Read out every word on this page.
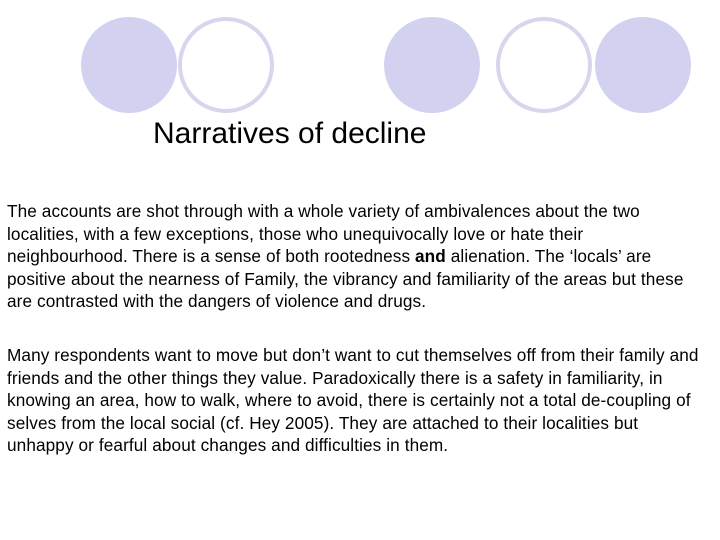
Narratives of decline

The accounts are shot through with a whole variety of ambivalences about the two localities, with a few exceptions, those who unequivocally love or hate their neighbourhood. There is a sense of both rootedness and alienation. The ‘locals’ are positive about the nearness of Family, the vibrancy and familiarity of the areas but these are contrasted with the dangers of violence and drugs.

Many respondents want to move but don’t want to cut themselves off from their family and friends and the other things they value. Paradoxically there is a safety in familiarity, in knowing an area, how to walk, where to avoid, there is certainly not a total de-coupling of selves from the local social (cf. Hey 2005). They are attached to their localities but unhappy or fearful about changes and difficulties in them.
